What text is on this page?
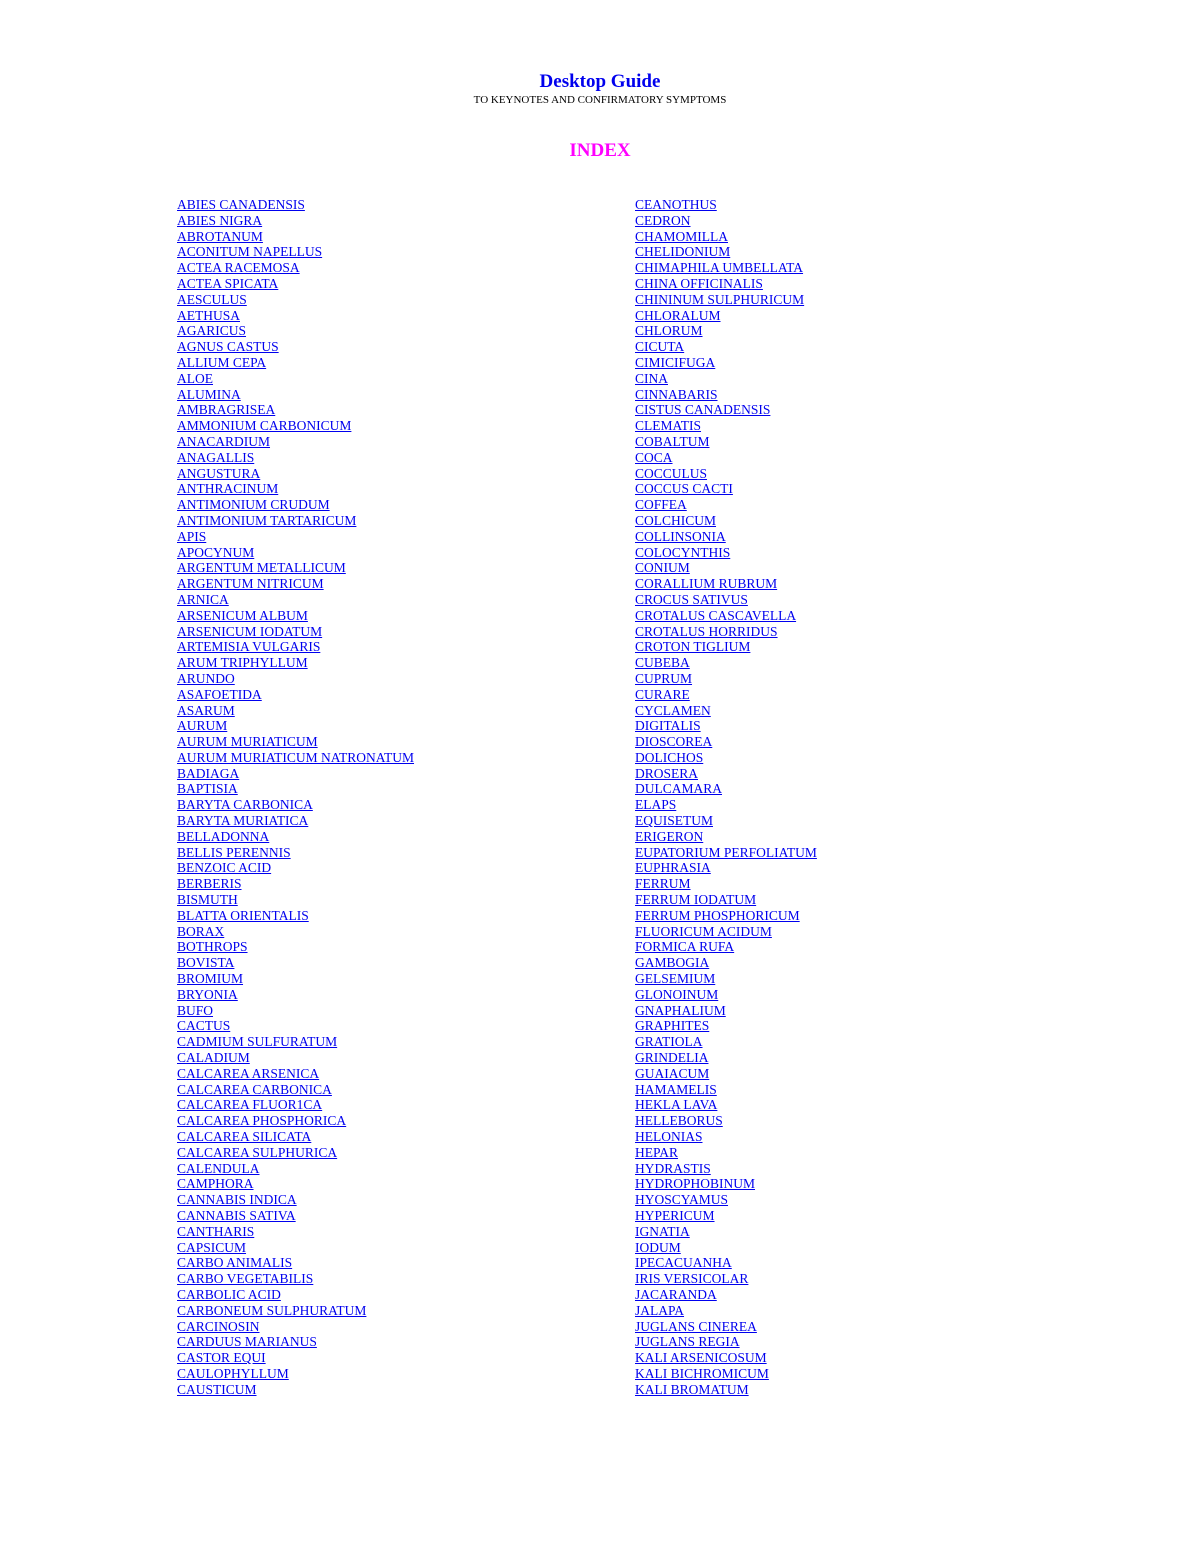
Desktop Guide
TO KEYNOTES AND CONFIRMATORY SYMPTOMS
INDEX
ABIES CANADENSIS
ABIES NIGRA
ABROTANUM
ACONITUM NAPELLUS
ACTEA RACEMOSA
ACTEA SPICATA
AESCULUS
AETHUSA
AGARICUS
AGNUS CASTUS
ALLIUM CEPA
ALOE
ALUMINA
AMBRAGRISEA
AMMONIUM CARBONICUM
ANACARDIUM
ANAGALLIS
ANGUSTURA
ANTHRACINUM
ANTIMONIUM CRUDUM
ANTIMONIUM TARTARICUM
APIS
APOCYNUM
ARGENTUM METALLICUM
ARGENTUM NITRICUM
ARNICA
ARSENICUM ALBUM
ARSENICUM IODATUM
ARTEMISIA VULGARIS
ARUM TRIPHYLLUM
ARUNDO
ASAFOETIDA
ASARUM
AURUM
AURUM MURIATICUM
AURUM MURIATICUM NATRONATUM
BADIAGA
BAPTISIA
BARYTA CARBONICA
BARYTA MURIATICA
BELLADONNA
BELLIS PERENNIS
BENZOIC ACID
BERBERIS
BISMUTH
BLATTA ORIENTALIS
BORAX
BOTHROPS
BOVISTA
BROMIUM
BRYONIA
BUFO
CACTUS
CADMIUM SULFURATUM
CALADIUM
CALCAREA ARSENICA
CALCAREA CARBONICA
CALCAREA FLUOR1CA
CALCAREA PHOSPHORICA
CALCAREA SILICATA
CALCAREA SULPHURICA
CALENDULA
CAMPHORA
CANNABIS INDICA
CANNABIS SATIVA
CANTHARIS
CAPSICUM
CARBO ANIMALIS
CARBO VEGETABILIS
CARBOLIC ACID
CARBONEUM SULPHURATUM
CARCINOSIN
CARDUUS MARIANUS
CASTOR EQUI
CAULOPHYLLUM
CAUSTICUM
CEANOTHUS
CEDRON
CHAMOMILLA
CHELIDONIUM
CHIMAPHILA UMBELLATA
CHINA OFFICINALIS
CHININUM SULPHURICUM
CHLORALUM
CHLORUM
CICUTA
CIMICIFUGA
CINA
CINNABARIS
CISTUS CANADENSIS
CLEMATIS
COBALTUM
COCA
COCCULUS
COCCUS CACTI
COFFEA
COLCHICUM
COLLINSONIA
COLOCYNTHIS
CONIUM
CORALLIUM RUBRUM
CROCUS SATIVUS
CROTALUS CASCAVELLA
CROTALUS HORRIDUS
CROTON TIGLIUM
CUBEBA
CUPRUM
CURARE
CYCLAMEN
DIGITALIS
DIOSCOREA
DOLICHOS
DROSERA
DULCAMARA
ELAPS
EQUISETUM
ERIGERON
EUPATORIUM PERFOLIATUM
EUPHRASIA
FERRUM
FERRUM IODATUM
FERRUM PHOSPHORICUM
FLUORICUM ACIDUM
FORMICA RUFA
GAMBOGIA
GELSEMIUM
GLONOINUM
GNAPHALIUM
GRAPHITES
GRATIOLA
GRINDELIA
GUAIACUM
HAMAMELIS
HEKLA LAVA
HELLEBORUS
HELONIAS
HEPAR
HYDRASTIS
HYDROPHOBINUM
HYOSCYAMUS
HYPERICUM
IGNATIA
IODUM
IPECACUANHA
IRIS VERSICOLAR
JACARANDA
JALAPA
JUGLANS CINEREA
JUGLANS REGIA
KALI ARSENICOSUM
KALI BICHROMICUM
KALI BROMATUM
